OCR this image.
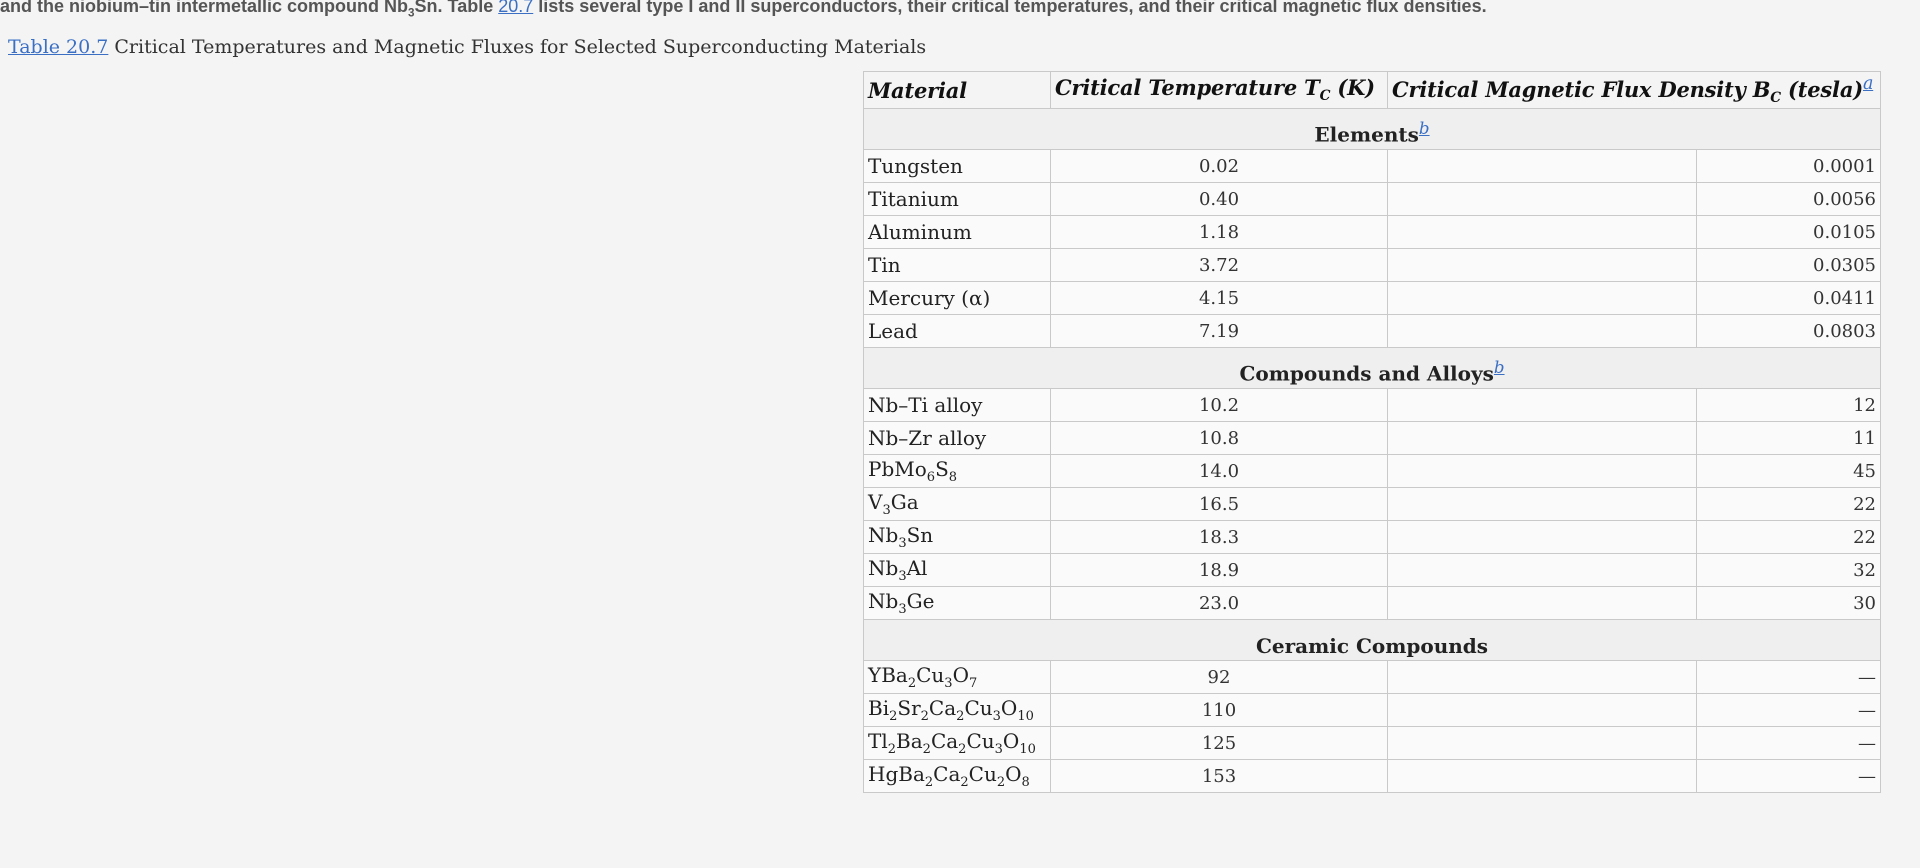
and the niobium–tin intermetallic compound $Nb_3Sn$. Table 20.7 lists several type I and II superconductors, their critical temperatures, and their critical magnetic flux densities.
Table 20.7 Critical Temperatures and Magnetic Fluxes for Selected Superconducting Materials
Material	Critical Temperature $T_C$ (K)	Critical Magnetic Flux Density $B_C$ (tesla)$^a$
Elements$^b$
Tungsten	0.02		0.0001
Titanium	0.40		0.0056
Aluminum	1.18		0.0105
Tin	3.72		0.0305
Mercury (α)	4.15		0.0411
Lead	7.19		0.0803
Compounds and Alloys$^b$
Nb–Ti alloy	10.2		12
Nb–Zr alloy	10.8		11
$PbMo_6S_8$	14.0		45
$V_3Ga$	16.5		22
$Nb_3Sn$	18.3		22
$Nb_3Al$	18.9		32
$Nb_3Ge$	23.0		30
Ceramic Compounds			
$YBa_2Cu_3O_7$	92		—
$Bi_2Sr_2Ca_2Cu_3O_{10}$	110		—
$Tl_2Ba_2Ca_2Cu_3O_{10}$	125		—
$HgBa_2Ca_2Cu_2O_8$	153		—
